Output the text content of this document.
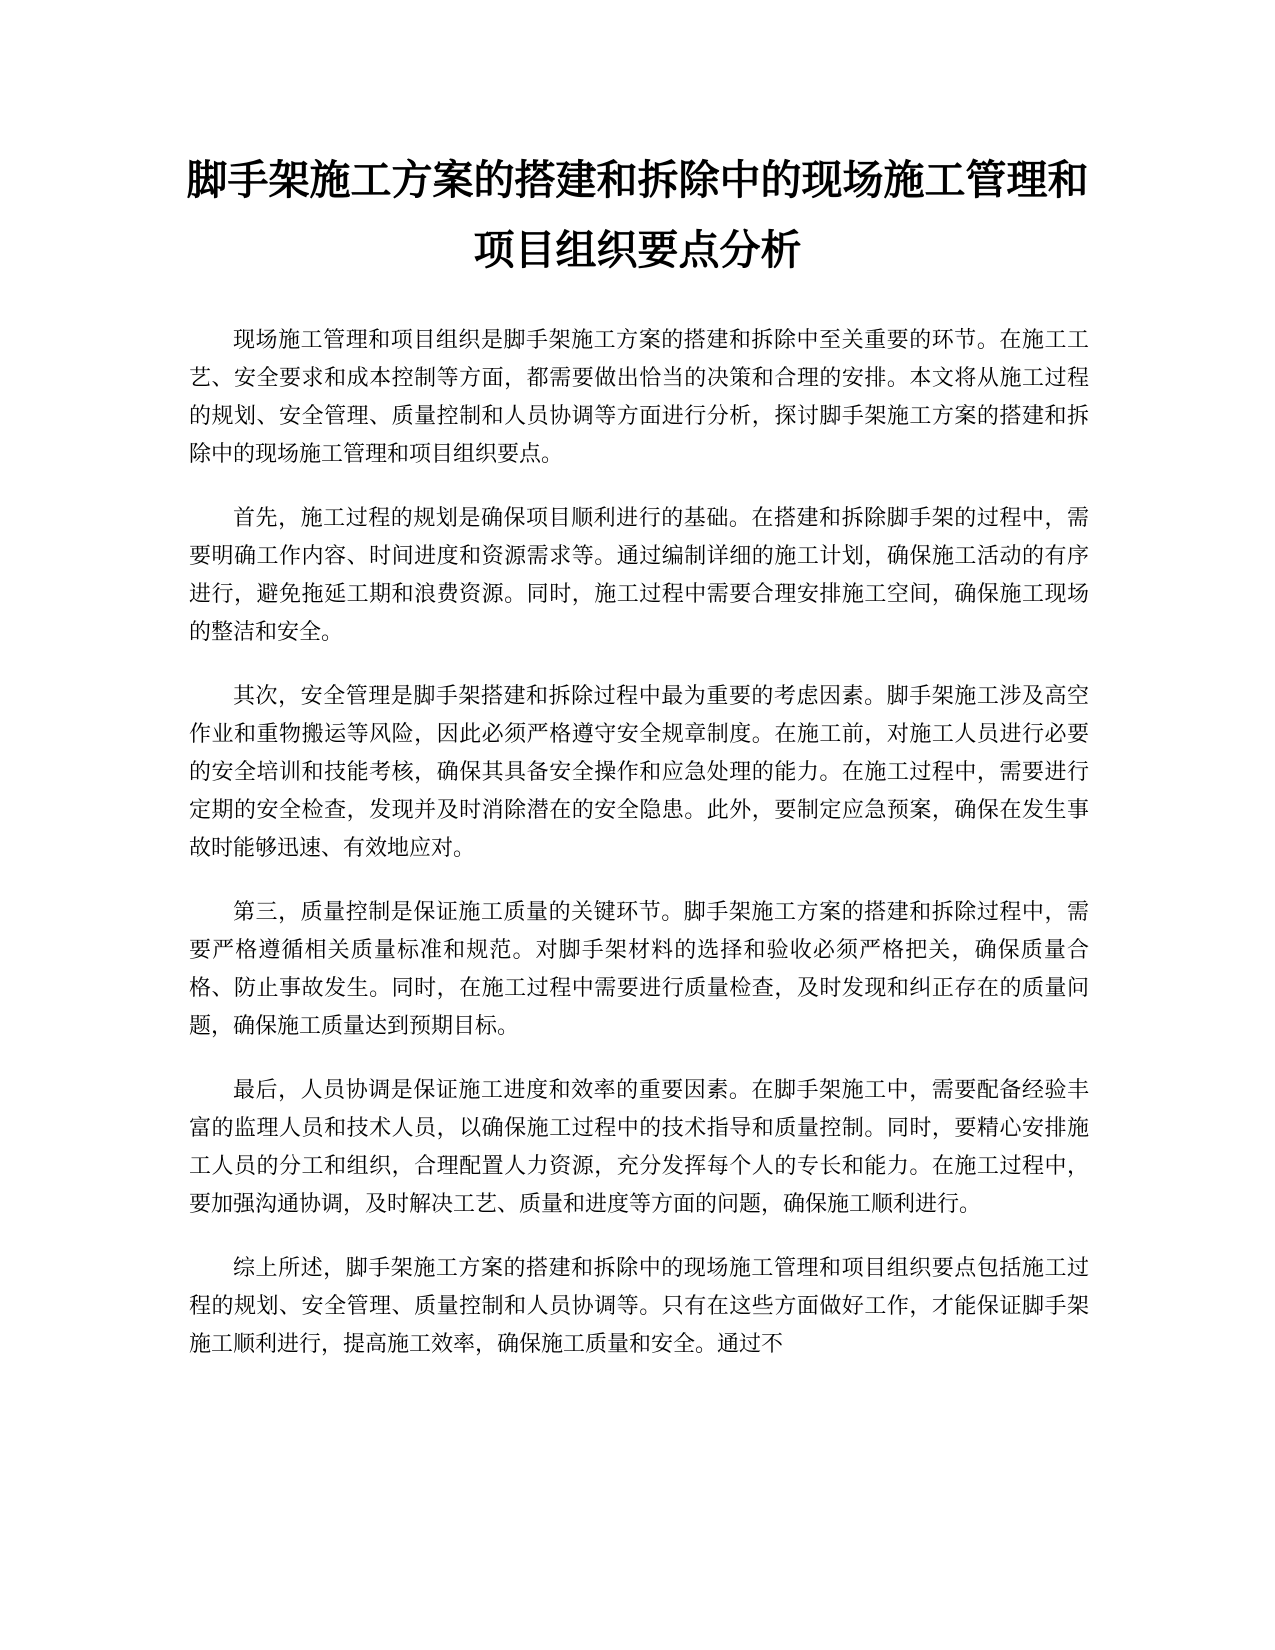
脚手架施工方案的搭建和拆除中的现场施工管理和项目组织要点分析

现场施工管理和项目组织是脚手架施工方案的搭建和拆除中至关重要的环节。在施工工艺、安全要求和成本控制等方面，都需要做出恰当的决策和合理的安排。本文将从施工过程的规划、安全管理、质量控制和人员协调等方面进行分析，探讨脚手架施工方案的搭建和拆除中的现场施工管理和项目组织要点。

首先，施工过程的规划是确保项目顺利进行的基础。在搭建和拆除脚手架的过程中，需要明确工作内容、时间进度和资源需求等。通过编制详细的施工计划，确保施工活动的有序进行，避免拖延工期和浪费资源。同时，施工过程中需要合理安排施工空间，确保施工现场的整洁和安全。

其次，安全管理是脚手架搭建和拆除过程中最为重要的考虑因素。脚手架施工涉及高空作业和重物搬运等风险，因此必须严格遵守安全规章制度。在施工前，对施工人员进行必要的安全培训和技能考核，确保其具备安全操作和应急处理的能力。在施工过程中，需要进行定期的安全检查，发现并及时消除潜在的安全隐患。此外，要制定应急预案，确保在发生事故时能够迅速、有效地应对。

第三，质量控制是保证施工质量的关键环节。脚手架施工方案的搭建和拆除过程中，需要严格遵循相关质量标准和规范。对脚手架材料的选择和验收必须严格把关，确保质量合格、防止事故发生。同时，在施工过程中需要进行质量检查，及时发现和纠正存在的质量问题，确保施工质量达到预期目标。

最后，人员协调是保证施工进度和效率的重要因素。在脚手架施工中，需要配备经验丰富的监理人员和技术人员，以确保施工过程中的技术指导和质量控制。同时，要精心安排施工人员的分工和组织，合理配置人力资源，充分发挥每个人的专长和能力。在施工过程中，要加强沟通协调，及时解决工艺、质量和进度等方面的问题，确保施工顺利进行。

综上所述，脚手架施工方案的搭建和拆除中的现场施工管理和项目组织要点包括施工过程的规划、安全管理、质量控制和人员协调等。只有在这些方面做好工作，才能保证脚手架施工顺利进行，提高施工效率，确保施工质量和安全。通过不
